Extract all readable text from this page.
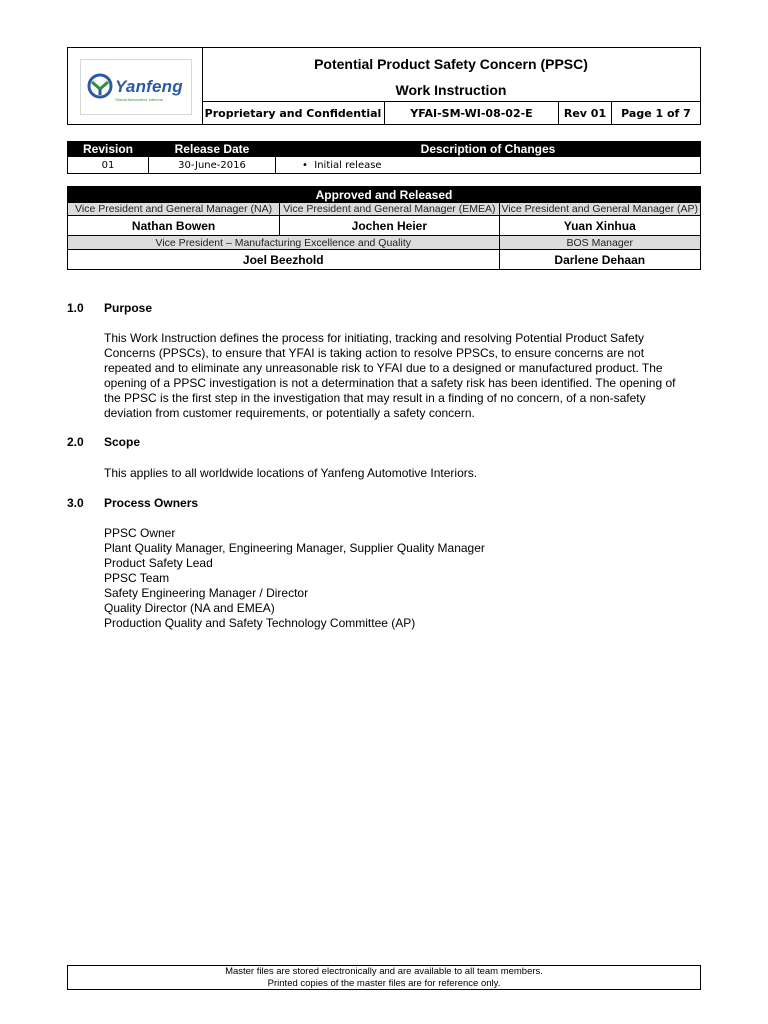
Yanfeng
Global Automotive Interiors
Potential Product Safety Concern (PPSC)
Work Instruction
Proprietary and Confidential	YFAI-SM-WI-08-02-E	Rev 01	Page 1 of 7
Revision	Release Date	Description of Changes
01	30-June-2016	•  Initial release
Approved and Released		
Vice President and General Manager (NA)	Vice President and General Manager (EMEA)	Vice President and General Manager (AP)
Nathan Bowen	Jochen Heier	Yuan Xinhua
Vice President – Manufacturing Excellence and Quality		BOS Manager
Joel Beezhold		Darlene Dehaan
1.0 Purpose
This Work Instruction defines the process for initiating, tracking and resolving Potential Product Safety Concerns (PPSCs), to ensure that YFAI is taking action to resolve PPSCs, to ensure concerns are not repeated and to eliminate any unreasonable risk to YFAI due to a designed or manufactured product. The opening of a PPSC investigation is not a determination that a safety risk has been identified. The opening of the PPSC is the first step in the investigation that may result in a finding of no concern, of a non-safety deviation from customer requirements, or potentially a safety concern.
2.0 Scope
This applies to all worldwide locations of Yanfeng Automotive Interiors.
3.0 Process Owners
PPSC Owner
Plant Quality Manager, Engineering Manager, Supplier Quality Manager
Product Safety Lead
PPSC Team
Safety Engineering Manager / Director
Quality Director (NA and EMEA)
Production Quality and Safety Technology Committee (AP)
Master files are stored electronically and are available to all team members.
Printed copies of the master files are for reference only.
